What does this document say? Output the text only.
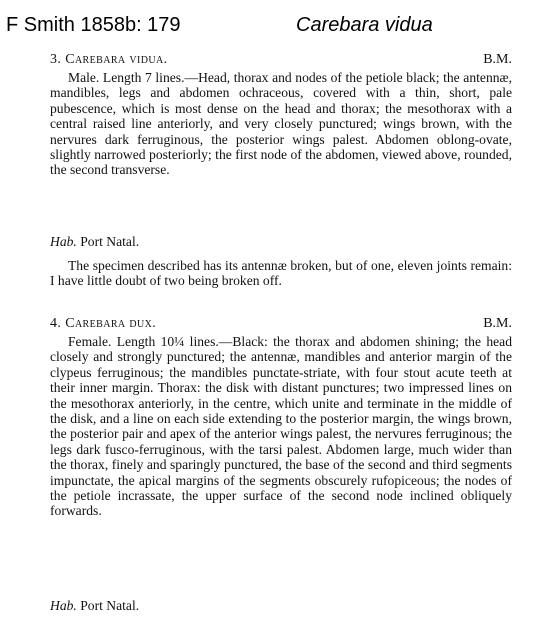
F Smith 1858b: 179	Carebara vidua
3. Carebara vidua.	B.M.

Male. Length 7 lines.—Head, thorax and nodes of the petiole black; the antennæ, mandibles, legs and abdomen ochraceous, covered with a thin, short, pale pubescence, which is most dense on the head and thorax; the mesothorax with a central raised line anteriorly, and very closely punctured; wings brown, with the nervures dark ferruginous, the posterior wings palest. Abdomen oblong-ovate, slightly narrowed posteriorly; the first node of the abdomen, viewed above, rounded, the second transverse.

Hab. Port Natal.

The specimen described has its antennæ broken, but of one, eleven joints remain: I have little doubt of two being broken off.

4. Carebara dux.	B.M.

Female. Length 10¼ lines.—Black: the thorax and abdomen shining; the head closely and strongly punctured; the antennæ, mandibles and anterior margin of the clypeus ferruginous; the mandibles punctate-striate, with four stout acute teeth at their inner margin. Thorax: the disk with distant punctures; two impressed lines on the mesothorax anteriorly, in the centre, which unite and terminate in the middle of the disk, and a line on each side extending to the posterior margin, the wings brown, the posterior pair and apex of the anterior wings palest, the nervures ferruginous; the legs dark fusco-ferruginous, with the tarsi palest. Abdomen large, much wider than the thorax, finely and sparingly punctured, the base of the second and third segments impunctate, the apical margins of the segments obscurely rufopiceous; the nodes of the petiole incrassate, the upper surface of the second node inclined obliquely forwards.

Hab. Port Natal.
